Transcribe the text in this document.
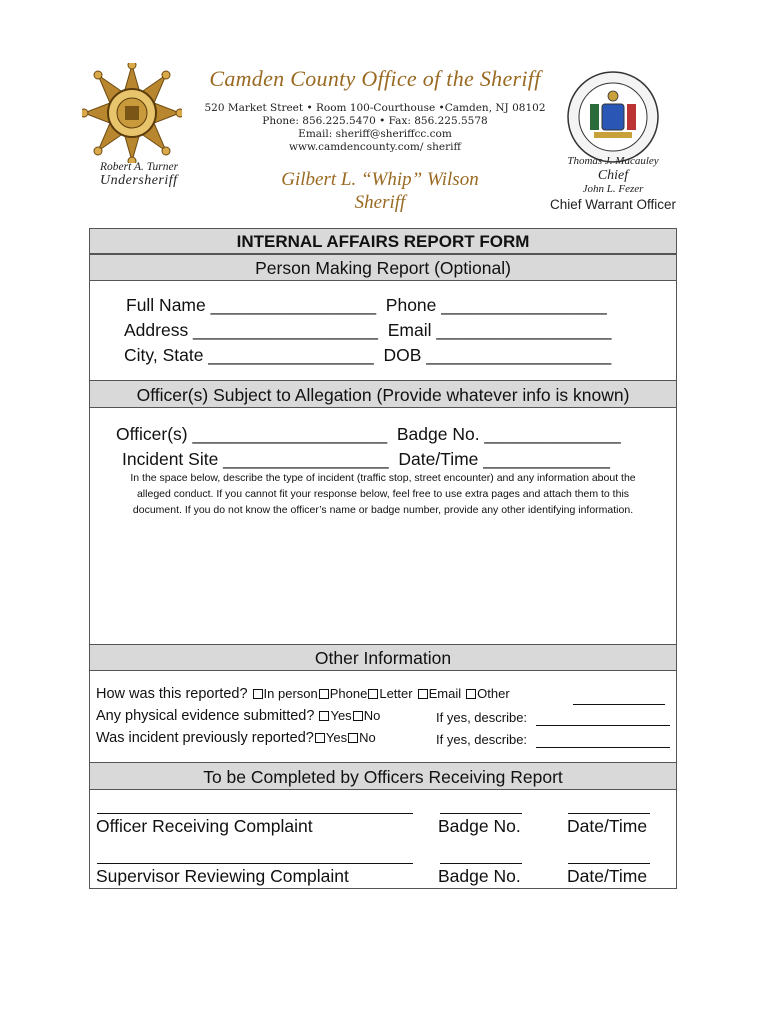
Camden County Office of the Sheriff
520 Market Street • Room 100-Courthouse •Camden, NJ 08102
Phone: 856.225.5470 • Fax: 856.225.5578
Email: sheriff@sheriffcc.com
www.camdencounty.com/ sheriff
Robert A. Turner
Undersheriff	Gilbert L. “Whip” Wilson
Sheriff
Thomas J. Macauley
Chief
John L. Fezer
Chief Warrant Officer
INTERNAL AFFAIRS REPORT FORM
Person Making Report (Optional)
Full Name _________________  Phone _________________
Address ___________________  Email __________________
City, State _________________  DOB ___________________
Officer(s) Subject to Allegation (Provide whatever info is known)
Officer(s) ____________________  Badge No. ______________
Incident Site _________________  Date/Time _____________
In the space below, describe the type of incident (traffic stop, street encounter) and any information about the
alleged conduct. If you cannot fit your response below, feel free to use extra pages and attach them to this
document. If you do not know the officer’s name or badge number, provide any other identifying information.
Other Information
How was this reported? In person Phone Letter Email Other
Any physical evidence submitted? Yes No	If yes, describe:
Was incident previously reported? Yes No	If yes, describe:
To be Completed by Officers Receiving Report
Officer Receiving Complaint	Badge No.	Date/Time
Supervisor Reviewing Complaint	Badge No.	Date/Time
